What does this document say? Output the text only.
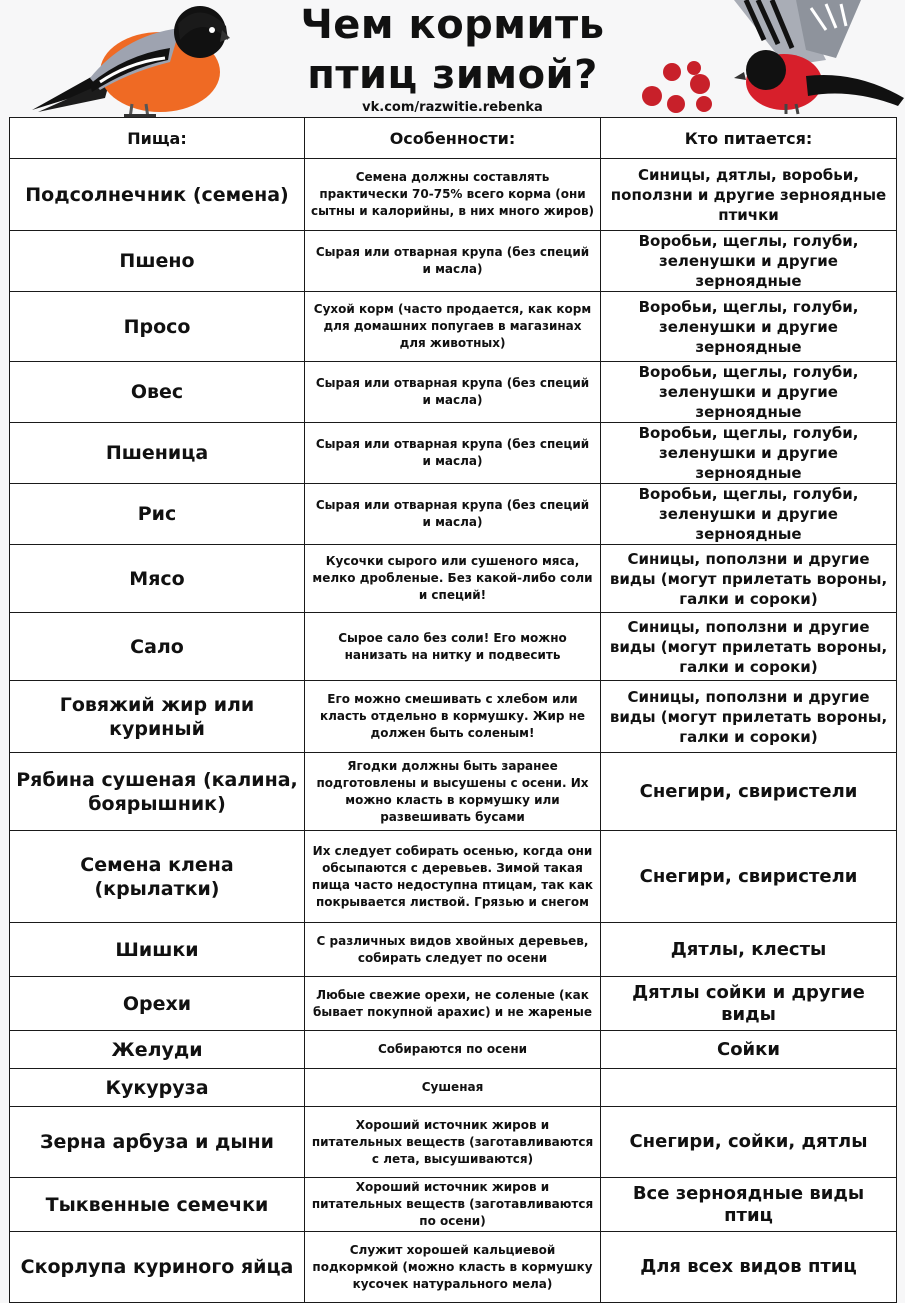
Чем кормить
птиц зимой?
vk.com/razwitie.rebenka
Пища:	Особенности:	Кто питается:
Подсолнечник (семена)	Семена должны составлять практически 70-75% всего корма (они сытны и калорийны, в них много жиров)	Синицы, дятлы, воробьи, поползни и другие зерноядные птички
Пшено	Сырая или отварная крупа (без специй и масла)	Воробьи, щеглы, голуби, зеленушки и другие зерноядные
Просо	Сухой корм (часто продается, как корм для домашних попугаев в магазинах для животных)	Воробьи, щеглы, голуби, зеленушки и другие зерноядные
Овес	Сырая или отварная крупа (без специй и масла)	Воробьи, щеглы, голуби, зеленушки и другие зерноядные
Пшеница	Сырая или отварная крупа (без специй и масла)	Воробьи, щеглы, голуби, зеленушки и другие зерноядные
Рис	Сырая или отварная крупа (без специй и масла)	Воробьи, щеглы, голуби, зеленушки и другие зерноядные
Мясо	Кусочки сырого или сушеного мяса, мелко дробленые. Без какой-либо соли и специй!	Синицы, поползни и другие виды (могут прилетать вороны, галки и сороки)
Сало	Сырое сало без соли! Его можно нанизать на нитку и подвесить	Синицы, поползни и другие виды (могут прилетать вороны, галки и сороки)
Говяжий жир или куриный	Его можно смешивать с хлебом или класть отдельно в кормушку. Жир не должен быть соленым!	Синицы, поползни и другие виды (могут прилетать вороны, галки и сороки)
Рябина сушеная (калина, боярышник)	Ягодки должны быть заранее подготовлены и высушены с осени. Их можно класть в кормушку или развешивать бусами	Снегири, свиристели
Семена клена (крылатки)	Их следует собирать осенью, когда они обсыпаются с деревьев. Зимой такая пища часто недоступна птицам, так как покрывается листвой. Грязью и снегом	Снегири, свиристели
Шишки	С различных видов хвойных деревьев, собирать следует по осени	Дятлы, клесты
Орехи	Любые свежие орехи, не соленые (как бывает покупной арахис) и не жареные	Дятлы сойки и другие виды
Желуди	Собираются по осени	Сойки
Кукуруза	Сушеная	
Зерна арбуза и дыни	Хороший источник жиров и питательных веществ (заготавливаются с лета, высушиваются)	Снегири, сойки, дятлы
Тыквенные семечки	Хороший источник жиров и питательных веществ (заготавливаются по осени)	Все зерноядные виды птиц
Скорлупа куриного яйца	Служит хорошей кальциевой подкормкой (можно класть в кормушку кусочек натурального мела)	Для всех видов птиц
